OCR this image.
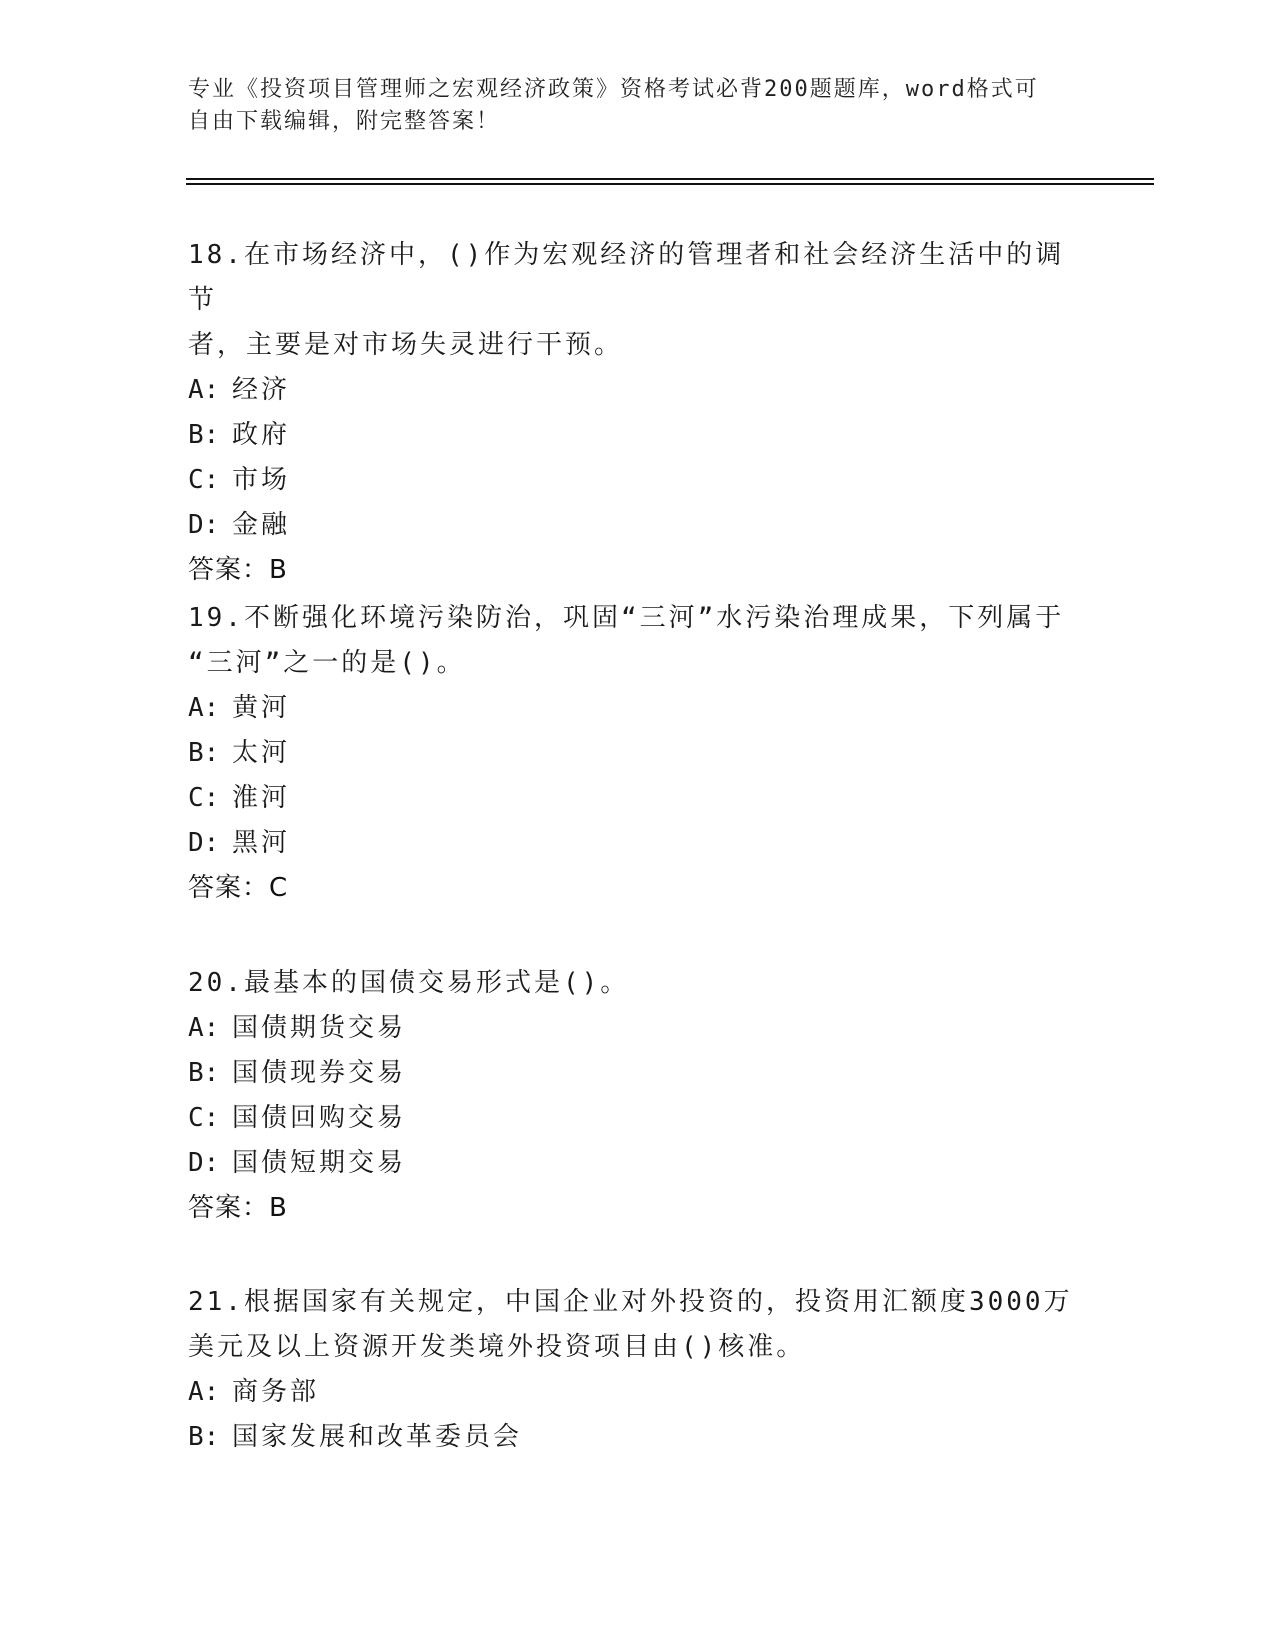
专业《投资项目管理师之宏观经济政策》资格考试必背200题题库，word格式可
自由下载编辑，附完整答案！
18.在市场经济中，()作为宏观经济的管理者和社会经济生活中的调节
者，主要是对市场失灵进行干预。
A: 经济
B: 政府
C: 市场
D: 金融
答案：B
19.不断强化环境污染防治，巩固“三河”水污染治理成果，下列属于
“三河”之一的是()。
A: 黄河
B: 太河
C: 淮河
D: 黑河
答案：C
20.最基本的国债交易形式是()。
A: 国债期货交易
B: 国债现券交易
C: 国债回购交易
D: 国债短期交易
答案：B
21.根据国家有关规定，中国企业对外投资的，投资用汇额度3000万
美元及以上资源开发类境外投资项目由()核准。
A: 商务部
B: 国家发展和改革委员会
